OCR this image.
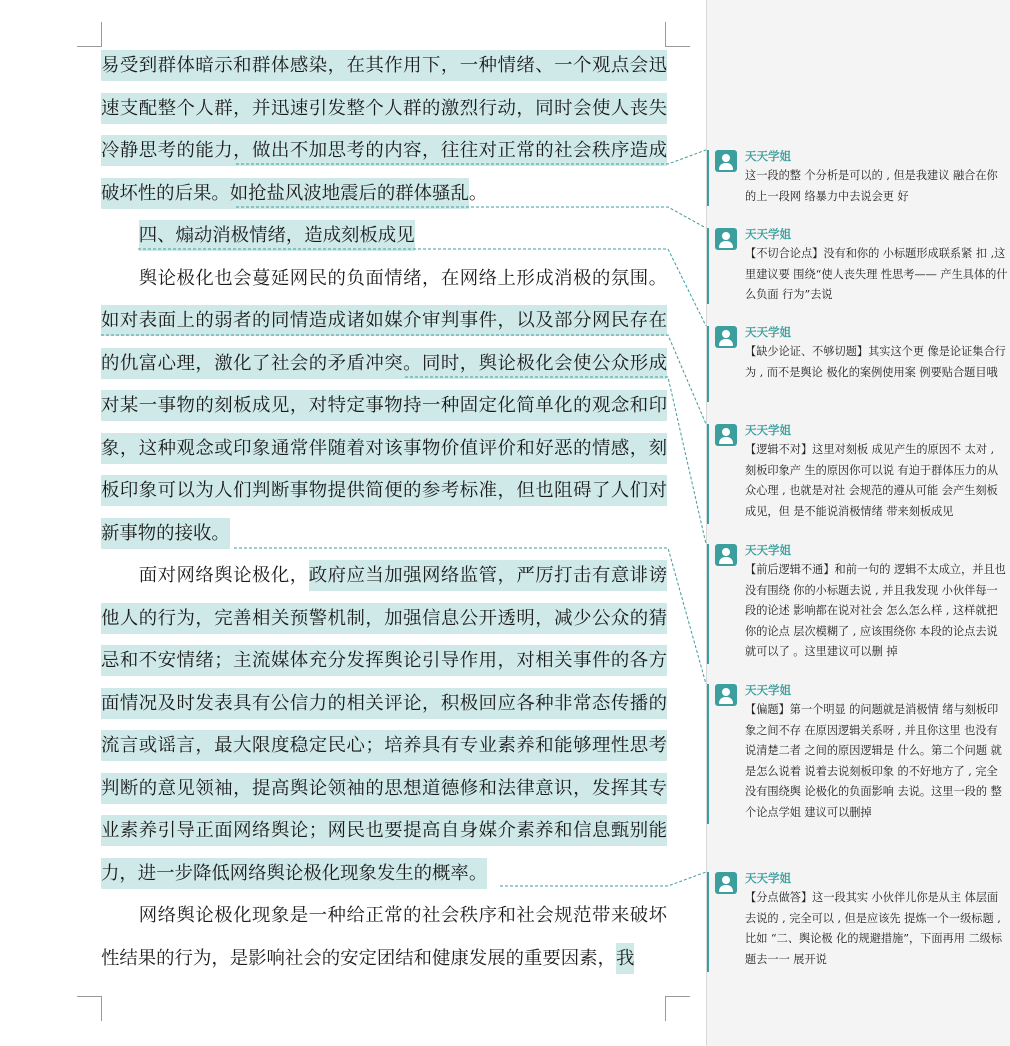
易受到群体暗示和群体感染，在其作用下，一种情绪、一个观点会迅速支配整个人群，并迅速引发整个人群的激烈行动，同时会使人丧失冷静思考的能力，做出不加思考的内容，往往对正常的社会秩序造成破坏性的后果。如抢盐风波地震后的群体骚乱。

四、煽动消极情绪，造成刻板成见

舆论极化也会蔓延网民的负面情绪，在网络上形成消极的氛围。如对表面上的弱者的同情造成诸如媒介审判事件，以及部分网民存在的仇富心理，激化了社会的矛盾冲突。同时，舆论极化会使公众形成对某一事物的刻板成见，对特定事物持一种固定化简单化的观念和印象，这种观念或印象通常伴随着对该事物价值评价和好恶的情感，刻板印象可以为人们判断事物提供简便的参考标准，但也阻碍了人们对新事物的接收。

面对网络舆论极化，政府应当加强网络监管，严厉打击有意诽谤他人的行为，完善相关预警机制，加强信息公开透明，减少公众的猜忌和不安情绪；主流媒体充分发挥舆论引导作用，对相关事件的各方面情况及时发表具有公信力的相关评论，积极回应各种非常态传播的流言或谣言，最大限度稳定民心；培养具有专业素养和能够理性思考判断的意见领袖，提高舆论领袖的思想道德修和法律意识，发挥其专业素养引导正面网络舆论；网民也要提高自身媒介素养和信息甄别能力，进一步降低网络舆论极化现象发生的概率。

网络舆论极化现象是一种给正常的社会秩序和社会规范带来破坏性结果的行为，是影响社会的安定团结和健康发展的重要因素，我

天天学姐
这一段的整 个分析是可以的 , 但是我建议 融合在你的上一段网 络暴力中去说会更 好
天天学姐
【不切合论点】没有和你的 小标题形成联系紧 扣 ,这里建议要 围绕“使人丧失理 性思考—— 产生具体的什么负面 行为”去说
天天学姐
【缺少论证、不够切题】其实这个更 像是论证集合行为 , 而不是舆论 极化的案例使用案 例要贴合题目哦
天天学姐
【逻辑不对】这里对刻板 成见产生的原因不 太对 , 刻板印象产 生的原因你可以说 有迫于群体压力的从众心理 , 也就是对社 会规范的遵从可能 会产生刻板成见，但 是不能说消极情绪 带来刻板成见
天天学姐
【前后逻辑不通】和前一句的 逻辑不太成立，并且也没有围绕 你的小标题去说 , 并且我发现 小伙伴每一段的论述 影响都在说对社会 怎么怎么样 , 这样就把你的论点 层次模糊了 , 应该围绕你 本段的论点去说就可以了 。这里建议可以删 掉
天天学姐
【偏题】第一个明显 的问题就是消极情 绪与刻板印象之间不存 在原因逻辑关系呀 , 并且你这里 也没有说清楚二者 之间的原因逻辑是 什么。第二个问题 就是怎么说着 说着去说刻板印象 的不好地方了 , 完全没有围绕舆 论极化的负面影响 去说。这里一段的 整个论点学姐 建议可以删掉
天天学姐
【分点做答】这一段其实 小伙伴儿你是从主 体层面去说的 , 完全可以 , 但是应该先 提炼一个一级标题 , 比如 “二、舆论极 化的规避措施”，下面再用 二级标题去一一 展开说
